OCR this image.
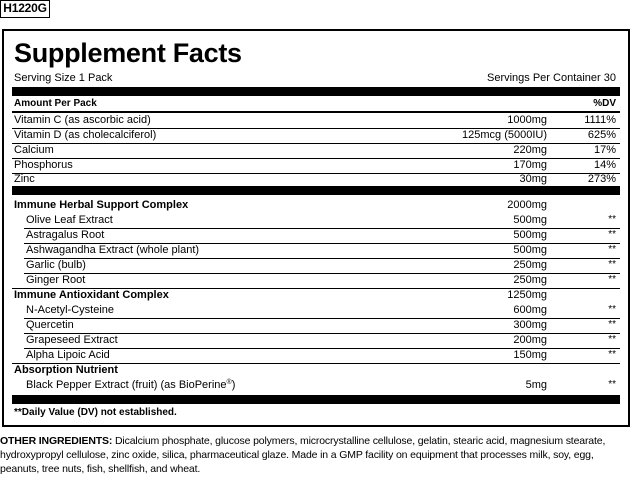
H1220G
Supplement Facts
Serving Size 1 Pack	Servings Per Container 30
Amount Per Pack	%DV
Vitamin C (as ascorbic acid)	1000mg	1111%
Vitamin D (as cholecalciferol)	125mcg (5000IU)	625%
Calcium	220mg	17%
Phosphorus	170mg	14%
Zinc	30mg	273%
Immune Herbal Support Complex	2000mg
Olive Leaf Extract	500mg	**
Astragalus Root	500mg	**
Ashwagandha Extract (whole plant)	500mg	**
Garlic (bulb)	250mg	**
Ginger Root	250mg	**
Immune Antioxidant Complex	1250mg
N-Acetyl-Cysteine	600mg	**
Quercetin	300mg	**
Grapeseed Extract	200mg	**
Alpha Lipoic Acid	150mg	**
Absorption Nutrient
Black Pepper Extract (fruit) (as BioPerine®)	5mg	**
**Daily Value (DV) not established.
OTHER INGREDIENTS: Dicalcium phosphate, glucose polymers, microcrystalline cellulose, gelatin, stearic acid, magnesium stearate, hydroxypropyl cellulose, zinc oxide, silica, pharmaceutical glaze. Made in a GMP facility on equipment that processes milk, soy, egg, peanuts, tree nuts, fish, shellfish, and wheat.
